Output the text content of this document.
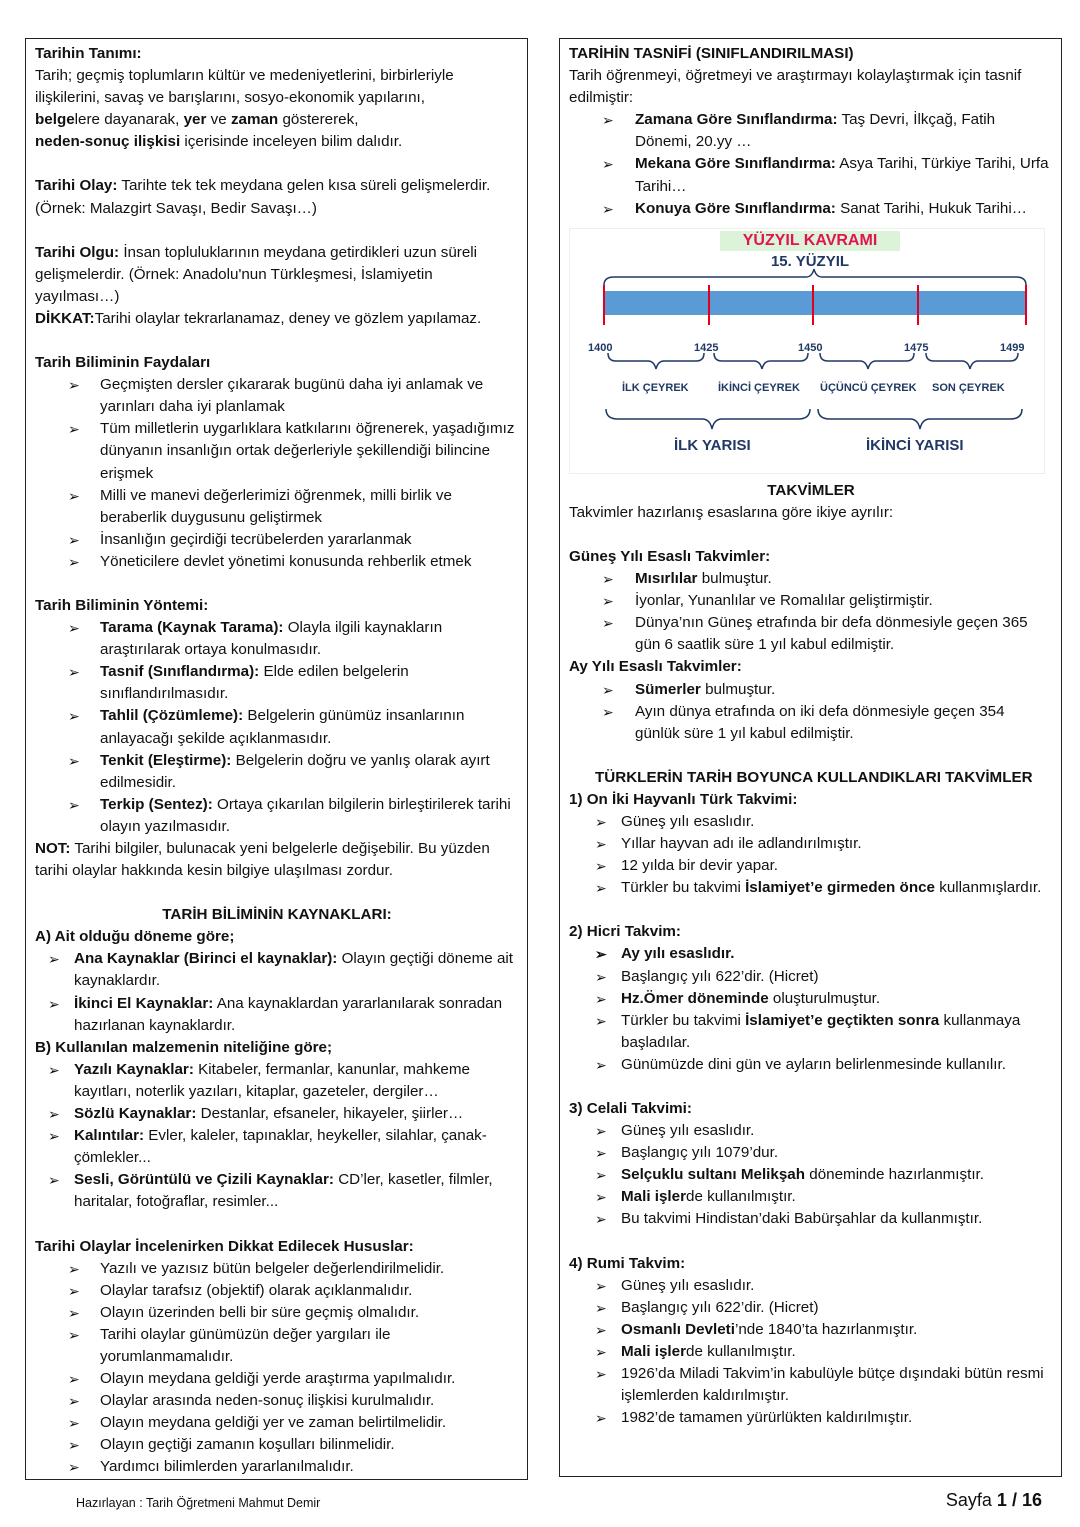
Tarihin Tanımı:

Tarih; geçmiş toplumların kültür ve medeniyetlerini, birbirleriyle ilişkilerini, savaş ve barışlarını, sosyo-ekonomik yapılarını,
belgelere dayanarak, yer ve zaman göstererek,
neden-sonuç ilişkisi içerisinde inceleyen bilim dalıdır.

Tarihi Olay: Tarihte tek tek meydana gelen kısa süreli gelişmelerdir. (Örnek: Malazgirt Savaşı, Bedir Savaşı…)

Tarihi Olgu: İnsan topluluklarının meydana getirdikleri uzun süreli gelişmelerdir. (Örnek: Anadolu'nun Türkleşmesi, İslamiyetin yayılması…)

DİKKAT:Tarihi olaylar tekrarlanamaz, deney ve gözlem yapılamaz.

Tarih Biliminin Faydaları

➢ Geçmişten dersler çıkararak bugünü daha iyi anlamak ve yarınları daha iyi planlamak
➢ Tüm milletlerin uygarlıklara katkılarını öğrenerek, yaşadığımız dünyanın insanlığın ortak değerleriyle şekillendiği bilincine erişmek
➢ Milli ve manevi değerlerimizi öğrenmek, milli birlik ve beraberlik duygusunu geliştirmek
➢ İnsanlığın geçirdiği tecrübelerden yararlanmak
➢ Yöneticilere devlet yönetimi konusunda rehberlik etmek

Tarih Biliminin Yöntemi:

➢ Tarama (Kaynak Tarama): Olayla ilgili kaynakların araştırılarak ortaya konulmasıdır.
➢ Tasnif (Sınıflandırma): Elde edilen belgelerin sınıflandırılmasıdır.
➢ Tahlil (Çözümleme): Belgelerin günümüz insanlarının anlayacağı şekilde açıklanmasıdır.
➢ Tenkit (Eleştirme): Belgelerin doğru ve yanlış olarak ayırt edilmesidir.
➢ Terkip (Sentez): Ortaya çıkarılan bilgilerin birleştirilerek tarihi olayın yazılmasıdır.

NOT: Tarihi bilgiler, bulunacak yeni belgelerle değişebilir. Bu yüzden tarihi olaylar hakkında kesin bilgiye ulaşılması zordur.

TARİH BİLİMİNİN KAYNAKLARI:

A) Ait olduğu döneme göre;

➢ Ana Kaynaklar (Birinci el kaynaklar): Olayın geçtiği döneme ait kaynaklardır.
➢ İkinci El Kaynaklar: Ana kaynaklardan yararlanılarak sonradan hazırlanan kaynaklardır.

B) Kullanılan malzemenin niteliğine göre;

➢ Yazılı Kaynaklar: Kitabeler, fermanlar, kanunlar, mahkeme kayıtları, noterlik yazıları, kitaplar, gazeteler, dergiler…
➢ Sözlü Kaynaklar: Destanlar, efsaneler, hikayeler, şiirler…
➢ Kalıntılar: Evler, kaleler, tapınaklar, heykeller, silahlar, çanak-çömlekler...
➢ Sesli, Görüntülü ve Çizili Kaynaklar: CD’ler, kasetler, filmler, haritalar, fotoğraflar, resimler...

Tarihi Olaylar İncelenirken Dikkat Edilecek Hususlar:

➢ Yazılı ve yazısız bütün belgeler değerlendirilmelidir.
➢ Olaylar tarafsız (objektif) olarak açıklanmalıdır.
➢ Olayın üzerinden belli bir süre geçmiş olmalıdır.
➢ Tarihi olaylar günümüzün değer yargıları ile yorumlanmamalıdır.
➢ Olayın meydana geldiği yerde araştırma yapılmalıdır.
➢ Olaylar arasında neden-sonuç ilişkisi kurulmalıdır.
➢ Olayın meydana geldiği yer ve zaman belirtilmelidir.
➢ Olayın geçtiği zamanın koşulları bilinmelidir.
➢ Yardımcı bilimlerden yararlanılmalıdır.

TARİHİN TASNİFİ (SINIFLANDIRILMASI)

Tarih öğrenmeyi, öğretmeyi ve araştırmayı kolaylaştırmak için tasnif edilmiştir:

➢ Zamana Göre Sınıflandırma: Taş Devri, İlkçağ, Fatih Dönemi, 20.yy …
➢ Mekana Göre Sınıflandırma: Asya Tarihi, Türkiye Tarihi, Urfa Tarihi…
➢ Konuya Göre Sınıflandırma: Sanat Tarihi, Hukuk Tarihi…
YÜZYIL KAVRAMI
15. YÜZYIL
1400	1425	1450	1475	1499
İLK ÇEYREK	İKİNCİ ÇEYREK ÜÇÜNCÜ ÇEYREK SON ÇEYREK
İLK YARISI	İKİNCİ YARISI

TAKVİMLER

Takvimler hazırlanış esaslarına göre ikiye ayrılır:

Güneş Yılı Esaslı Takvimler:

➢ Mısırlılar bulmuştur.
➢ İyonlar, Yunanlılar ve Romalılar geliştirmiştir.
➢ Dünya’nın Güneş etrafında bir defa dönmesiyle geçen 365 gün 6 saatlik süre 1 yıl kabul edilmiştir.

Ay Yılı Esaslı Takvimler:

➢ Sümerler bulmuştur.
➢ Ayın dünya etrafında on iki defa dönmesiyle geçen 354 günlük süre 1 yıl kabul edilmiştir.

TÜRKLERİN TARİH BOYUNCA KULLANDIKLARI TAKVİMLER

1) On İki Hayvanlı Türk Takvimi:

➢ Güneş yılı esaslıdır.
➢ Yıllar hayvan adı ile adlandırılmıştır.
➢ 12 yılda bir devir yapar.
➢ Türkler bu takvimi İslamiyet’e girmeden önce kullanmışlardır.

2) Hicri Takvim:

➢ Ay yılı esaslıdır.
➢ Başlangıç yılı 622’dir. (Hicret)
➢ Hz.Ömer döneminde oluşturulmuştur.
➢ Türkler bu takvimi İslamiyet’e geçtikten sonra kullanmaya başladılar.
➢ Günümüzde dini gün ve ayların belirlenmesinde kullanılır.

3) Celali Takvimi:

➢ Güneş yılı esaslıdır.
➢ Başlangıç yılı 1079’dur.
➢ Selçuklu sultanı Melikşah döneminde hazırlanmıştır.
➢ Mali işlerde kullanılmıştır.
➢ Bu takvimi Hindistan’daki Babürşahlar da kullanmıştır.

4) Rumi Takvim:

➢ Güneş yılı esaslıdır.
➢ Başlangıç yılı 622’dir. (Hicret)
➢ Osmanlı Devleti’nde 1840’ta hazırlanmıştır.
➢ Mali işlerde kullanılmıştır.
➢ 1926’da Miladi Takvim’in kabulüyle bütçe dışındaki bütün resmi işlemlerden kaldırılmıştır.
➢ 1982’de tamamen yürürlükten kaldırılmıştır.
Hazırlayan : Tarih Öğretmeni Mahmut Demir	Sayfa 1 / 16
